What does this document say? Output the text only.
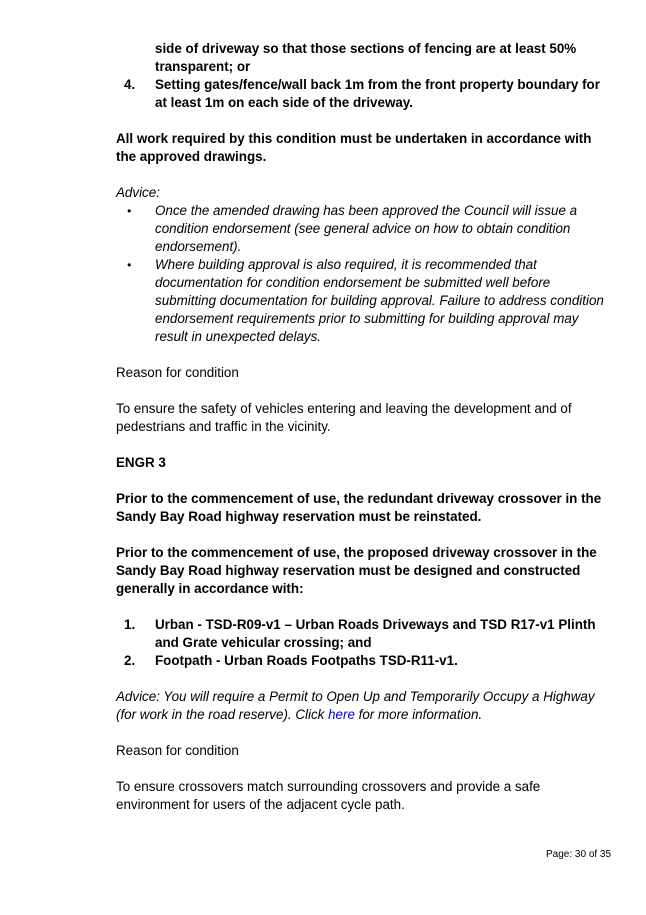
side of driveway so that those sections of fencing are at least 50% transparent; or

4. Setting gates/fence/wall back 1m from the front property boundary for at least 1m on each side of the driveway.

All work required by this condition must be undertaken in accordance with the approved drawings.

Advice:

• Once the amended drawing has been approved the Council will issue a condition endorsement (see general advice on how to obtain condition endorsement).

• Where building approval is also required, it is recommended that documentation for condition endorsement be submitted well before submitting documentation for building approval. Failure to address condition endorsement requirements prior to submitting for building approval may result in unexpected delays.

Reason for condition

To ensure the safety of vehicles entering and leaving the development and of pedestrians and traffic in the vicinity.

ENGR 3

Prior to the commencement of use, the redundant driveway crossover in the Sandy Bay Road highway reservation must be reinstated.

Prior to the commencement of use, the proposed driveway crossover in the Sandy Bay Road highway reservation must be designed and constructed generally in accordance with:

1. Urban - TSD-R09-v1 – Urban Roads Driveways and TSD R17-v1 Plinth and Grate vehicular crossing; and

2. Footpath - Urban Roads Footpaths TSD-R11-v1.

Advice: You will require a Permit to Open Up and Temporarily Occupy a Highway (for work in the road reserve). Click here for more information.

Reason for condition

To ensure crossovers match surrounding crossovers and provide a safe environment for users of the adjacent cycle path.

Page: 30 of 35
